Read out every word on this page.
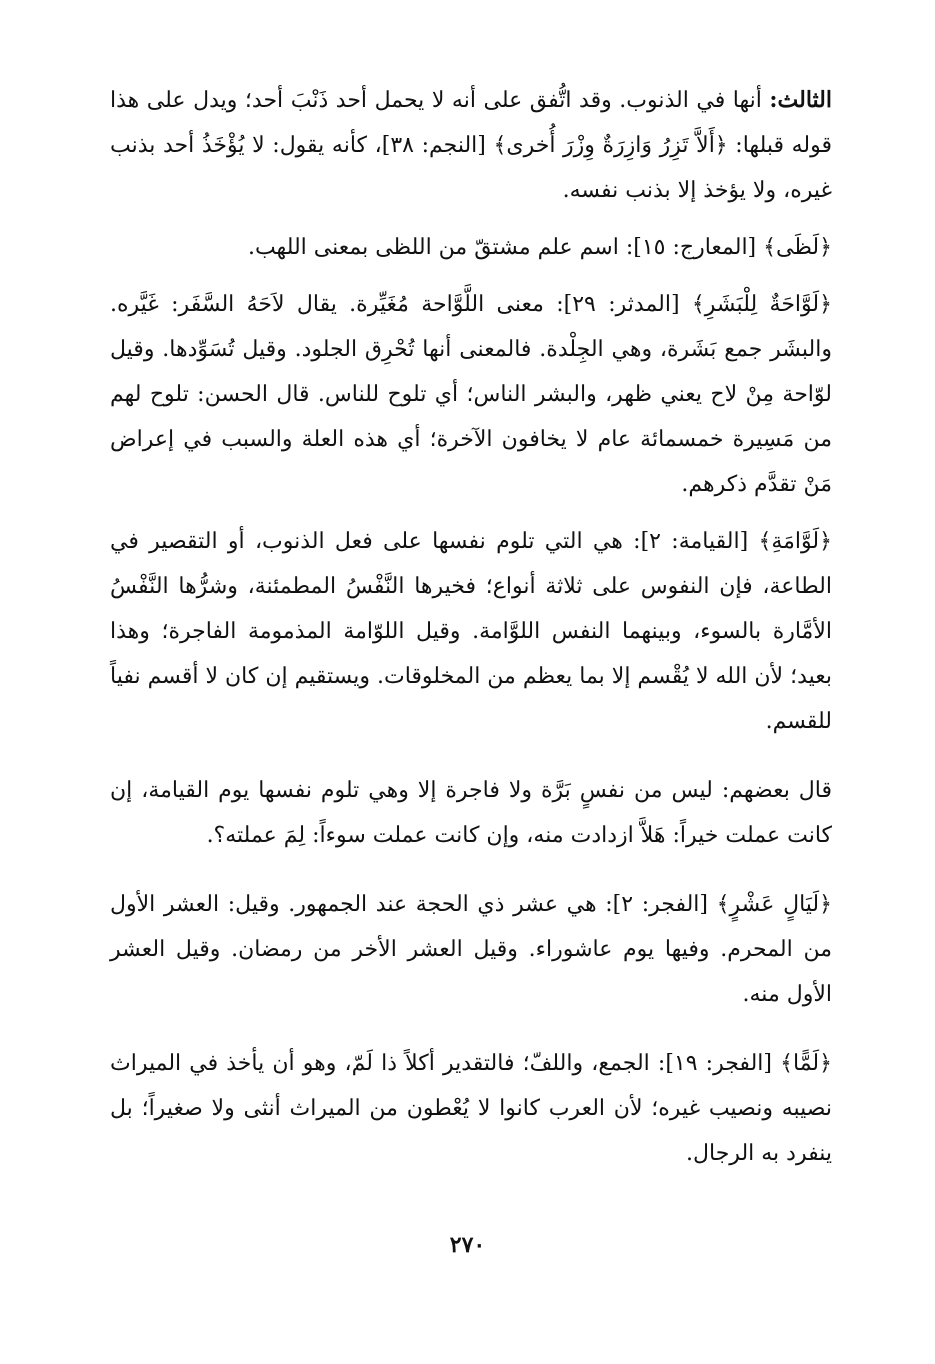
الثالث: أنها في الذنوب. وقد اتُّفق على أنه لا يحمل أحد ذَنْبَ أحد؛ ويدل على هذا قوله قبلها: ﴿أَلاَّ تَزِرُ وَازِرَةٌ وِزْرَ أُخرى﴾ [النجم: ٣٨]، كأنه يقول: لا يُؤْخَذُ أحد بذنب غيره، ولا يؤخذ إلا بذنب نفسه.

﴿لَظَى﴾ [المعارج: ١٥]: اسم علم مشتقّ من اللظى بمعنى اللهب.

﴿لَوَّاحَةٌ لِلْبَشَرِ﴾ [المدثر: ٢٩]: معنى اللَّوَّاحة مُغَيِّرة. يقال لاَحَهُ السَّفَر: غَيَّره. والبشَر جمع بَشَرة، وهي الجِلْدة. فالمعنى أنها تُحْرِق الجلود. وقيل تُسَوِّدها. وقيل لوّاحة مِنْ لاح يعني ظهر، والبشر الناس؛ أي تلوح للناس. قال الحسن: تلوح لهم من مَسِيرة خمسمائة عام لا يخافون الآخرة؛ أي هذه العلة والسبب في إعراض مَنْ تقدَّم ذكرهم.

﴿لَوَّامَةِ﴾ [القيامة: ٢]: هي التي تلوم نفسها على فعل الذنوب، أو التقصير في الطاعة، فإن النفوس على ثلاثة أنواع؛ فخيرها النَّفْسُ المطمئنة، وشرُّها النَّفْسُ الأمَّارة بالسوء، وبينهما النفس اللوَّامة. وقيل اللوّامة المذمومة الفاجرة؛ وهذا بعيد؛ لأن الله لا يُقْسم إلا بما يعظم من المخلوقات. ويستقيم إن كان لا أقسم نفياً للقسم.

قال بعضهم: ليس من نفسٍ بَرَّة ولا فاجرة إلا وهي تلوم نفسها يوم القيامة، إن كانت عملت خيراً: هَلاَّ ازدادت منه، وإن كانت عملت سوءاً: لِمَ عملته؟.

﴿لَيَالٍ عَشْرٍ﴾ [الفجر: ٢]: هي عشر ذي الحجة عند الجمهور. وقيل: العشر الأول من المحرم. وفيها يوم عاشوراء. وقيل العشر الأخر من رمضان. وقيل العشر الأول منه.

﴿لَمًّا﴾ [الفجر: ١٩]: الجمع، واللفّ؛ فالتقدير أكلاً ذا لَمّ، وهو أن يأخذ في الميراث نصيبه ونصيب غيره؛ لأن العرب كانوا لا يُعْطون من الميراث أنثى ولا صغيراً؛ بل ينفرد به الرجال.

٢٧٠
